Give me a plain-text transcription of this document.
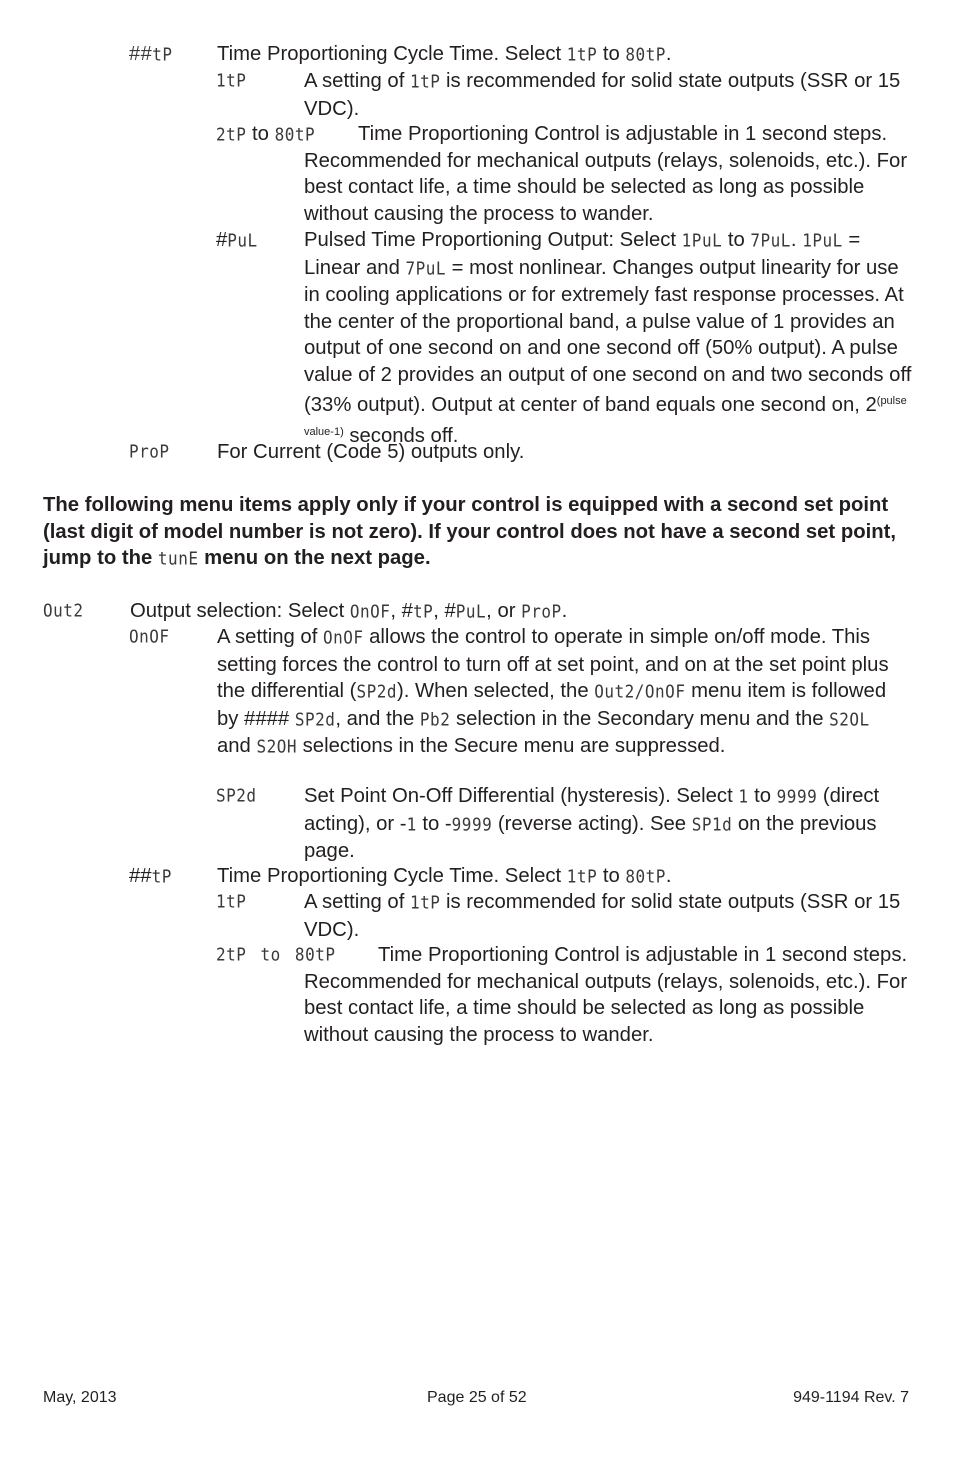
##tP Time Proportioning Cycle Time. Select 1tP to 80tP.
1tP	A setting of 1tP is recommended for solid state outputs (SSR or 15 VDC).
2tP to 80tP	Time Proportioning Control is adjustable in 1 second steps. Recommended for mechanical outputs (relays, solenoids, etc.). For best contact life, a time should be selected as long as possible without causing the process to wander.
#PuL Pulsed Time Proportioning Output: Select 1PuL to 7PuL. 1PuL = Linear and 7PuL = most nonlinear. Changes output linearity for use in cooling applications or for extremely fast response processes. At the center of the proportional band, a pulse value of 1 provides an output of one second on and one second off (50% output). A pulse value of 2 provides an output of one second on and two seconds off (33% output). Output at center of band equals one second on, $2^{(pulse value-1)}$ seconds off.
ProP For Current (Code 5) outputs only.
The following menu items apply only if your control is equipped with a second set point (last digit of model number is not zero). If your control does not have a second set point, jump to the tunE menu on the next page.
Out2 Output selection: Select OnOF, #tP, #PuL, or ProP.
OnOF A setting of OnOF allows the control to operate in simple on/off mode. This setting forces the control to turn off at set point, and on at the set point plus the differential (SP2d). When selected, the Out2/OnOF menu item is followed by #### SP2d, and the Pb2 selection in the Secondary menu and the S2OL and S2OH selections in the Secure menu are suppressed.
SP2d Set Point On-Off Differential (hysteresis). Select 1 to 9999 (direct acting), or -1 to -9999 (reverse acting). See SP1d on the previous page.
##tP Time Proportioning Cycle Time. Select 1tP to 80tP.
1tP	A setting of 1tP is recommended for solid state outputs (SSR or 15 VDC).
2tP to 80tP	Time Proportioning Control is adjustable in 1 second steps. Recommended for mechanical outputs (relays, solenoids, etc.). For best contact life, a time should be selected as long as possible without causing the process to wander.
May, 2013	Page 25 of 52	949-1194 Rev. 7
